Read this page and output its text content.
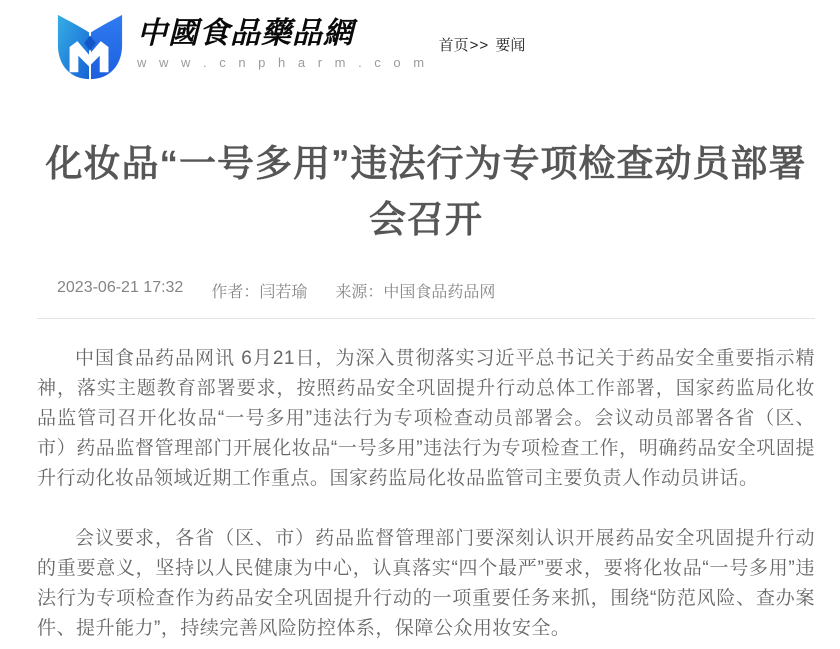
中國食品藥品網
w w w . c n p h a r m . c o m
首页>> 要闻
化妆品“一号多用”违法行为专项检查动员部署会召开
2023-06-21 17:32 作者：闫若瑜 来源：中国食品药品网

中国食品药品网讯 6月21日，为深入贯彻落实习近平总书记关于药品安全重要指示精神，落实主题教育部署要求，按照药品安全巩固提升行动总体工作部署，国家药监局化妆品监管司召开化妆品“一号多用”违法行为专项检查动员部署会。会议动员部署各省（区、市）药品监督管理部门开展化妆品“一号多用”违法行为专项检查工作，明确药品安全巩固提升行动化妆品领域近期工作重点。国家药监局化妆品监管司主要负责人作动员讲话。

会议要求，各省（区、市）药品监督管理部门要深刻认识开展药品安全巩固提升行动的重要意义，坚持以人民健康为中心，认真落实“四个最严”要求，要将化妆品“一号多用”违法行为专项检查作为药品安全巩固提升行动的一项重要任务来抓，围绕“防范风险、查办案件、提升能力”，持续完善风险防控体系，保障公众用妆安全。
